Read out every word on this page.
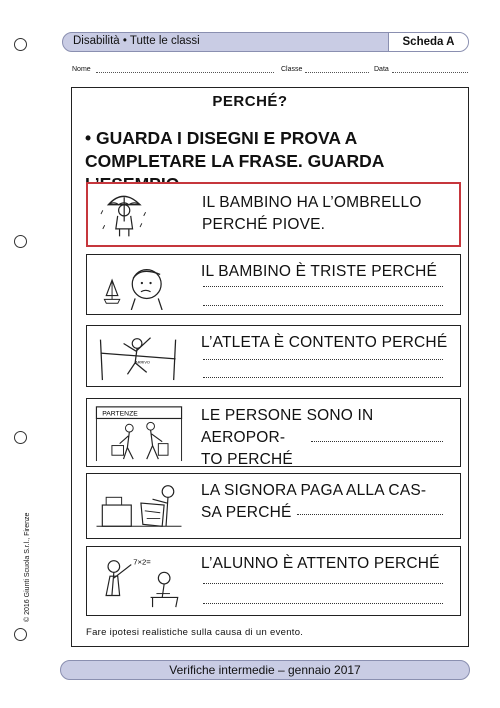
Disabilità • Tutte le classi	Scheda A
Nome	Classe	Data
PERCHÉ?
• GUARDA I DISEGNI E PROVA A
COMPLETARE LA FRASE. GUARDA
IL BAMBINO HA L’OMBRELLO
PERCHÉ PIOVE.
IL BAMBINO È TRISTE PERCHÉ
ARRIVO
L’ATLETA È CONTENTO PERCHÉ
PARTENZE	LE PERSONE SONO IN AEROPOR-
TO PERCHÉ
LA SIGNORA PAGA ALLA CAS-
SA PERCHÉ
7×2=	L’ALUNNO È ATTENTO PERCHÉ
Fare ipotesi realistiche sulla causa di un evento.
© 2016 Giunti Scuola S.r.l., Firenze
Verifiche intermedie – gennaio 2017
